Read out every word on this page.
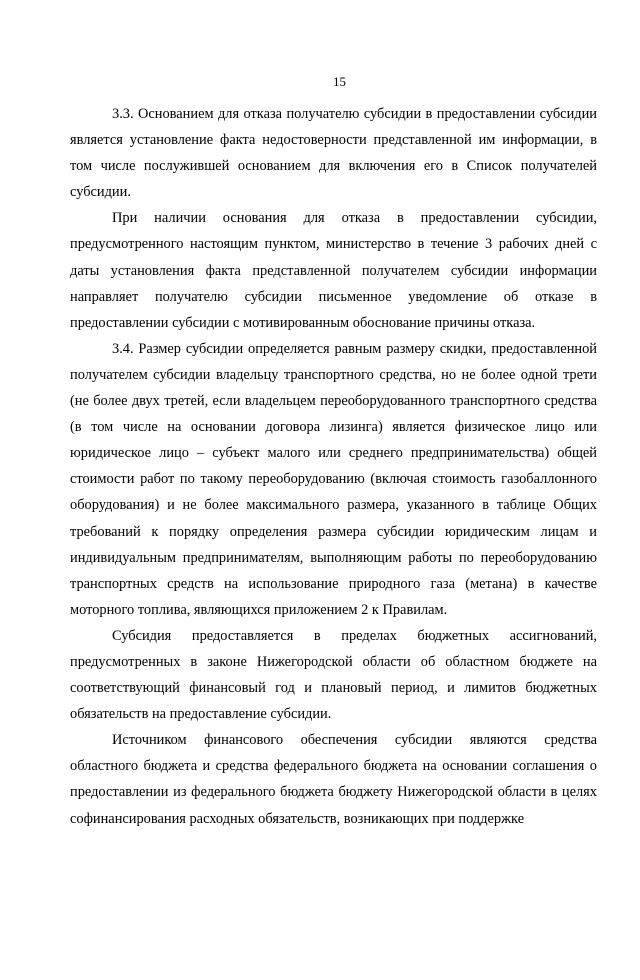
15

3.3. Основанием для отказа получателю субсидии в предоставлении субсидии является установление факта недостоверности представленной им информации, в том числе послужившей основанием для включения его в Список получателей субсидии.

При наличии основания для отказа в предоставлении субсидии, предусмотренного настоящим пунктом, министерство в течение 3 рабочих дней с даты установления факта представленной получателем субсидии информации направляет получателю субсидии письменное уведомление об отказе в предоставлении субсидии с мотивированным обоснование причины отказа.

3.4. Размер субсидии определяется равным размеру скидки, предоставленной получателем субсидии владельцу транспортного средства, но не более одной трети (не более двух третей, если владельцем переоборудованного транспортного средства (в том числе на основании договора лизинга) является физическое лицо или юридическое лицо – субъект малого или среднего предпринимательства) общей стоимости работ по такому переоборудованию (включая стоимость газобаллонного оборудования) и не более максимального размера, указанного в таблице Общих требований к порядку определения размера субсидии юридическим лицам и индивидуальным предпринимателям, выполняющим работы по переоборудованию транспортных средств на использование природного газа (метана) в качестве моторного топлива, являющихся приложением 2 к Правилам.

Субсидия предоставляется в пределах бюджетных ассигнований, предусмотренных в законе Нижегородской области об областном бюджете на соответствующий финансовый год и плановый период, и лимитов бюджетных обязательств на предоставление субсидии.

Источником финансового обеспечения субсидии являются средства областного бюджета и средства федерального бюджета на основании соглашения о предоставлении из федерального бюджета бюджету Нижегородской области в целях софинансирования расходных обязательств, возникающих при поддержке
